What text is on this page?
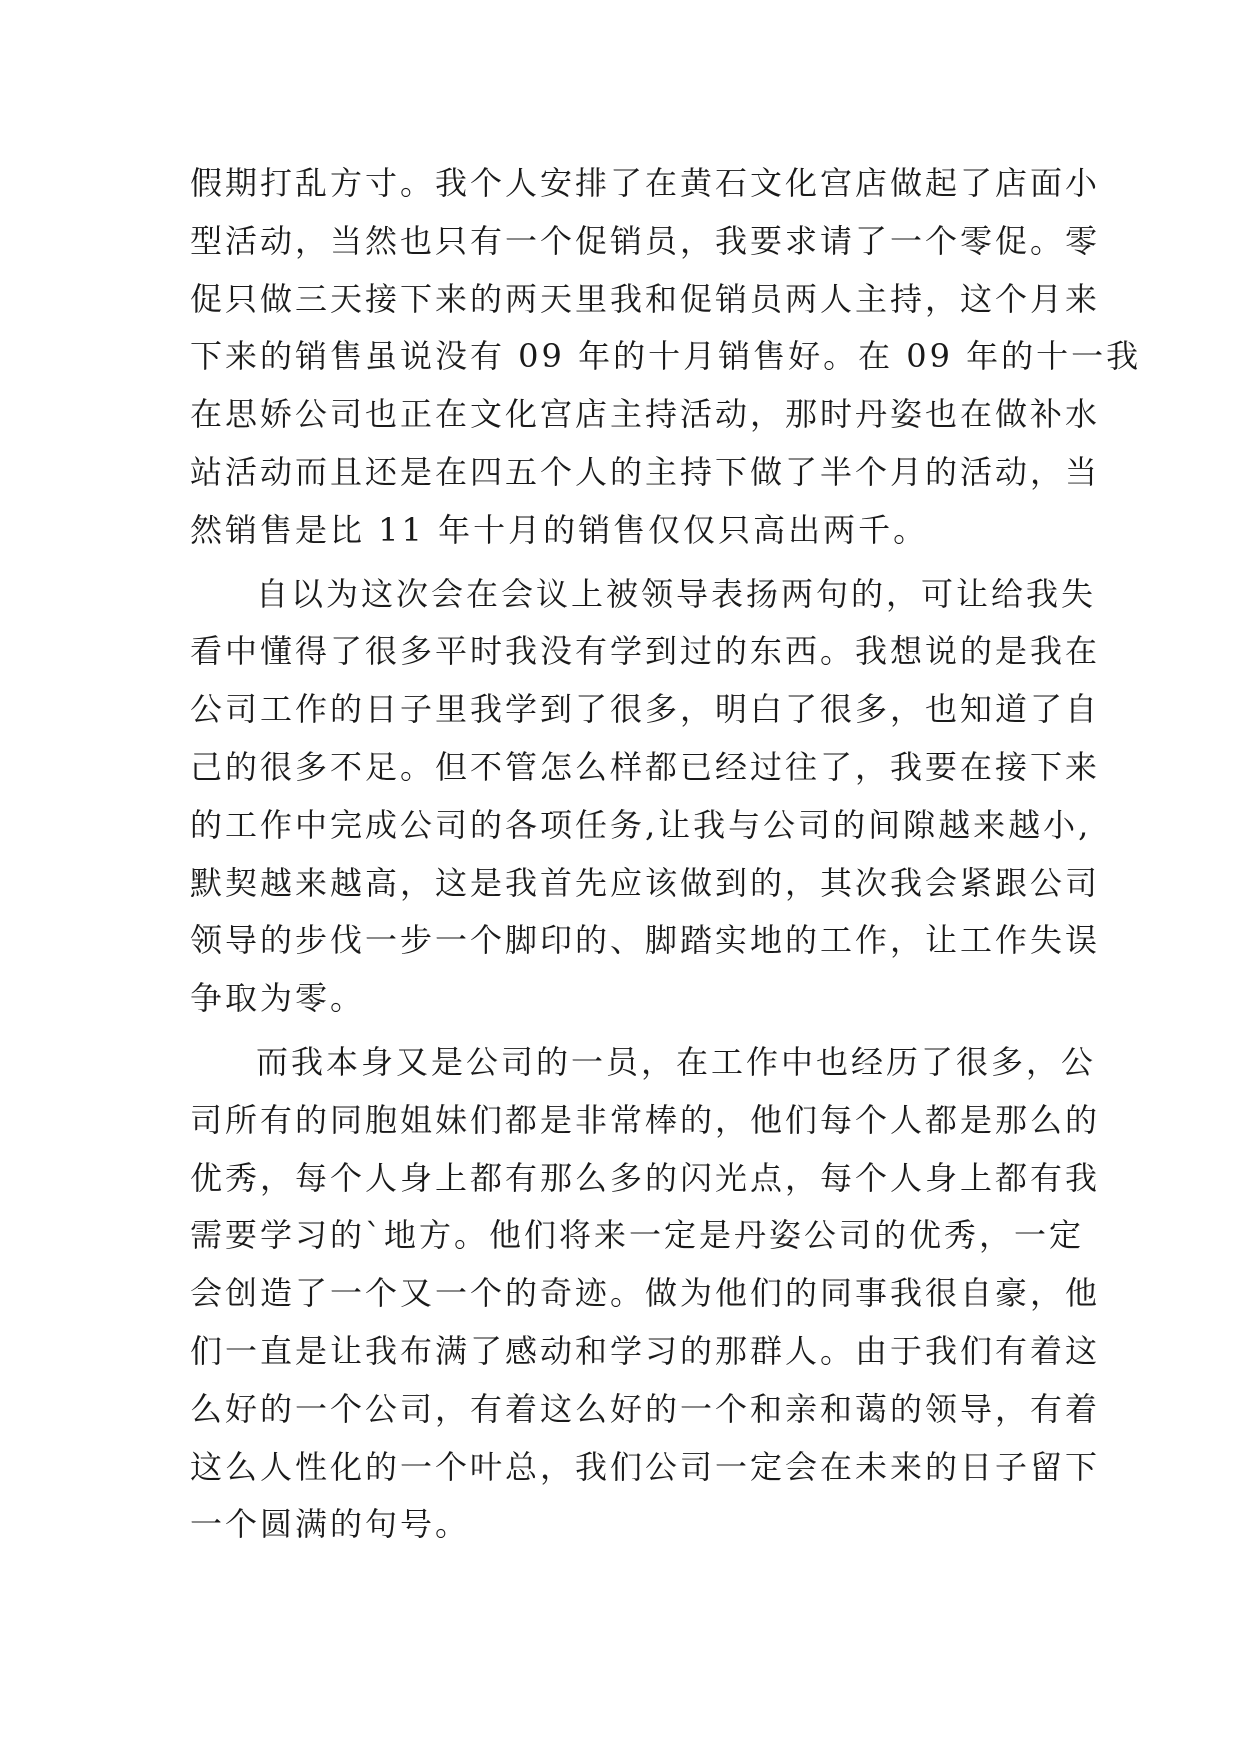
假期打乱方寸。我个人安排了在黄石文化宫店做起了店面小
型活动，当然也只有一个促销员，我要求请了一个零促。零
促只做三天接下来的两天里我和促销员两人主持，这个月来
下来的销售虽说没有 09 年的十月销售好。在 09 年的十一我
在思娇公司也正在文化宫店主持活动，那时丹姿也在做补水
站活动而且还是在四五个人的主持下做了半个月的活动，当
然销售是比 11 年十月的销售仅仅只高出两千。
自以为这次会在会议上被领导表扬两句的，可让给我失
看中懂得了很多平时我没有学到过的东西。我想说的是我在
公司工作的日子里我学到了很多，明白了很多，也知道了自
己的很多不足。但不管怎么样都已经过往了，我要在接下来
的工作中完成公司的各项任务,让我与公司的间隙越来越小,
默契越来越高，这是我首先应该做到的，其次我会紧跟公司
领导的步伐一步一个脚印的、脚踏实地的工作，让工作失误
争取为零。
而我本身又是公司的一员，在工作中也经历了很多，公
司所有的同胞姐妹们都是非常棒的，他们每个人都是那么的
优秀，每个人身上都有那么多的闪光点，每个人身上都有我
需要学习的`地方。他们将来一定是丹姿公司的优秀，一定
会创造了一个又一个的奇迹。做为他们的同事我很自豪，他
们一直是让我布满了感动和学习的那群人。由于我们有着这
么好的一个公司，有着这么好的一个和亲和蔼的领导，有着
这么人性化的一个叶总，我们公司一定会在未来的日子留下
一个圆满的句号。
